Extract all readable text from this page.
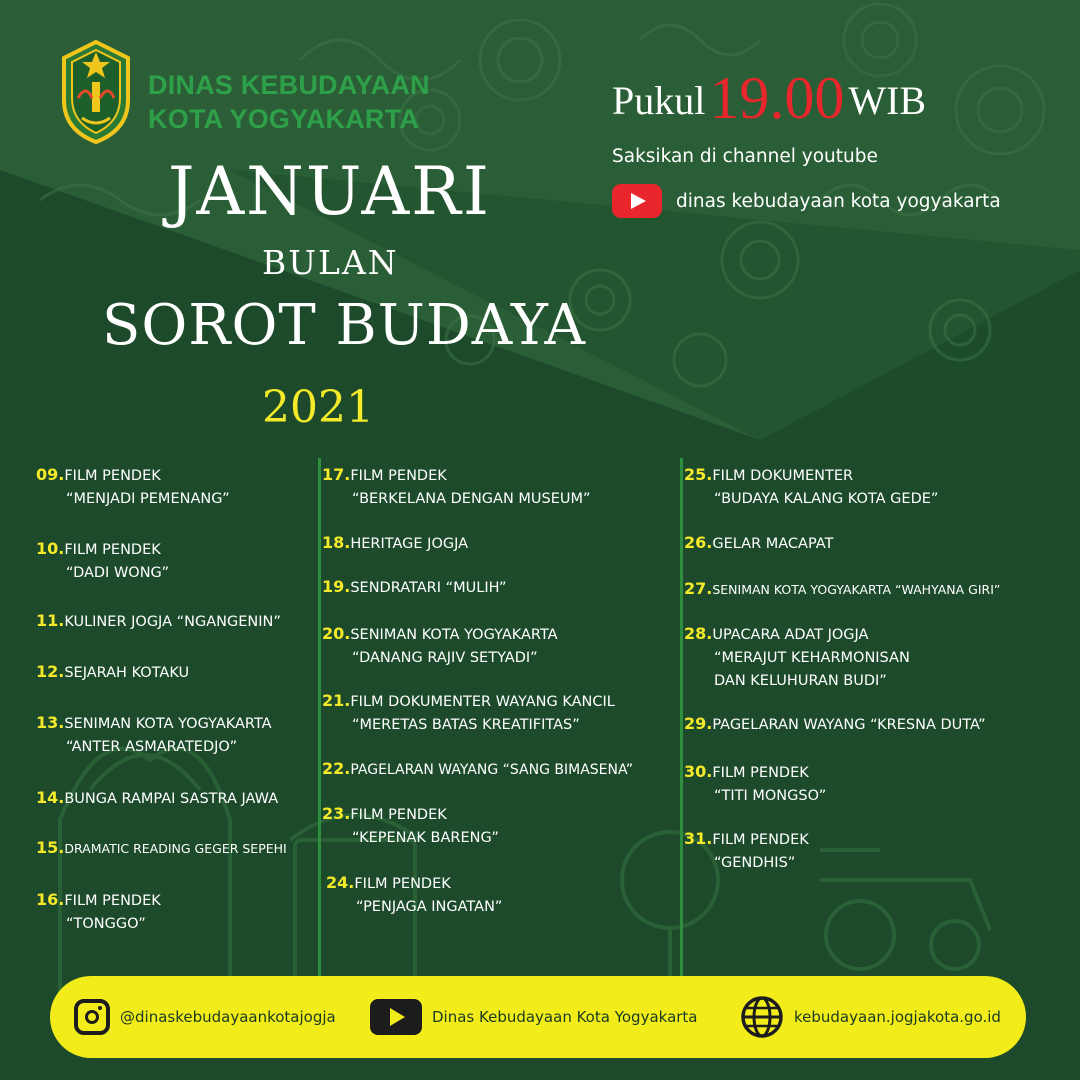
DINAS KEBUDAYAAN
KOTA YOGYAKARTA
JANUARI
BULAN
SOROT BUDAYA
2021
Pukul19.00 WIB
Saksikan di channel youtube
dinas kebudayaan kota yogyakarta
09.FILM PENDEK
“MENJADI PEMENANG”
10.FILM PENDEK
“DADI WONG”
11.KULINER JOGJA “NGANGENIN”
12.SEJARAH KOTAKU
13.SENIMAN KOTA YOGYAKARTA
“ANTER ASMARATEDJO”
14.BUNGA RAMPAI SASTRA JAWA
15.DRAMATIC READING GEGER SEPEHI
16.FILM PENDEK
“TONGGO”
17.FILM PENDEK
“BERKELANA DENGAN MUSEUM”
18.HERITAGE JOGJA
19.SENDRATARI “MULIH”
20.SENIMAN KOTA YOGYAKARTA
“DANANG RAJIV SETYADI”
21.FILM DOKUMENTER WAYANG KANCIL
“MERETAS BATAS KREATIFITAS”
22.PAGELARAN WAYANG “SANG BIMASENA”
23.FILM PENDEK
“KEPENAK BARENG”
24.FILM PENDEK
“PENJAGA INGATAN”
25.FILM DOKUMENTER
“BUDAYA KALANG KOTA GEDE”
26.GELAR MACAPAT
27.SENIMAN KOTA YOGYAKARTA “WAHYANA GIRI”
28.UPACARA ADAT JOGJA
“MERAJUT KEHARMONISAN
DAN KELUHURAN BUDI”
29.PAGELARAN WAYANG “KRESNA DUTA”
30.FILM PENDEK
“TITI MONGSO”
31.FILM PENDEK
“GENDHIS”
@dinaskebudayaankotajogja	Dinas Kebudayaan Kota Yogyakarta	kebudayaan.jogjakota.go.id
